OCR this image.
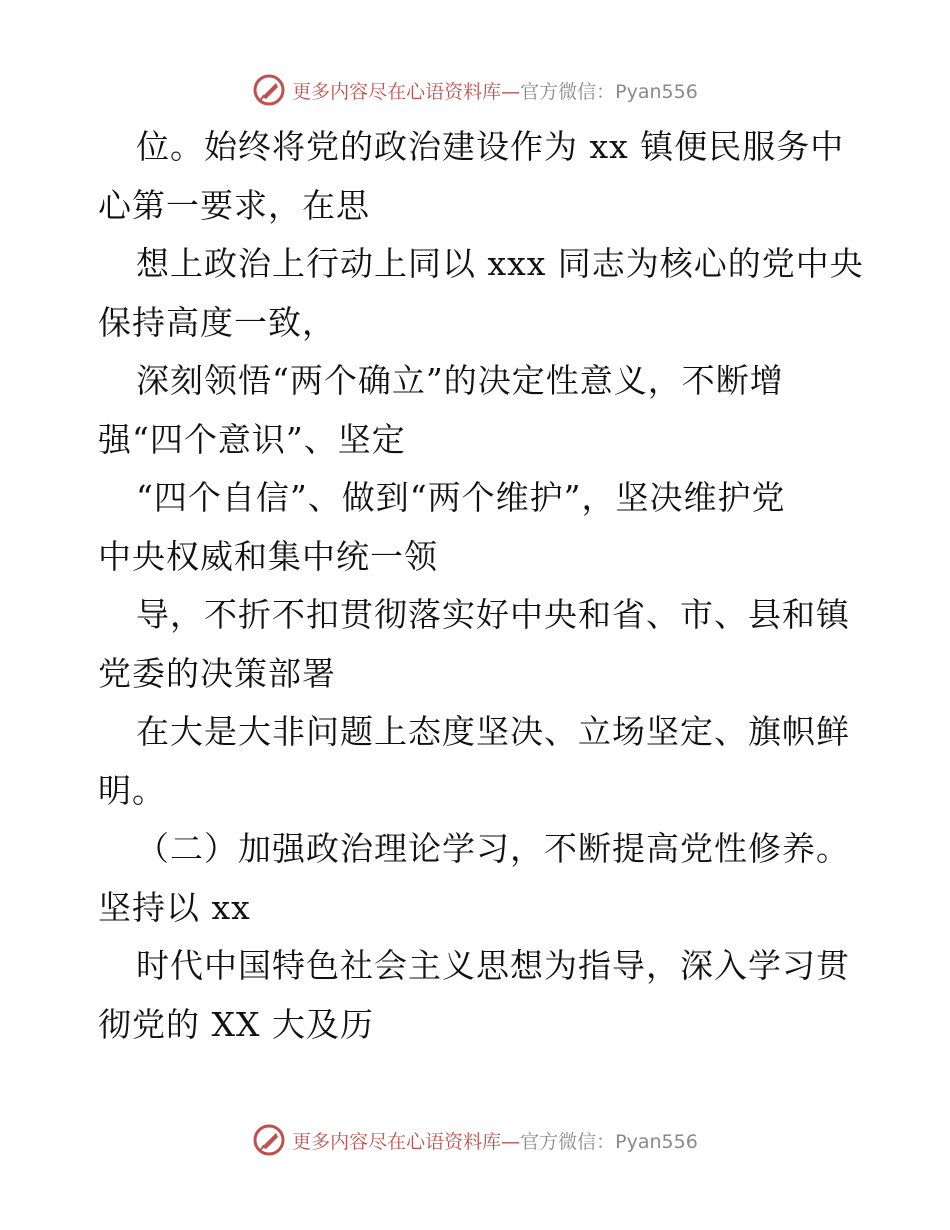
更多内容尽在心语资料库—官方微信：Pyan556
位。始终将党的政治建设作为 xx 镇便民服务中
心第一要求，在思
想上政治上行动上同以 xxx 同志为核心的党中央
保持高度一致，
深刻领悟“两个确立”的决定性意义，不断增
强“四个意识”、坚定
“四个自信”、做到“两个维护”，坚决维护党
中央权威和集中统一领
导，不折不扣贯彻落实好中央和省、市、县和镇
党委的决策部署
在大是大非问题上态度坚决、立场坚定、旗帜鲜
明。
（二）加强政治理论学习，不断提高党性修养。
坚持以 xx
时代中国特色社会主义思想为指导，深入学习贯
彻党的 XX 大及历
更多内容尽在心语资料库—官方微信：Pyan556
